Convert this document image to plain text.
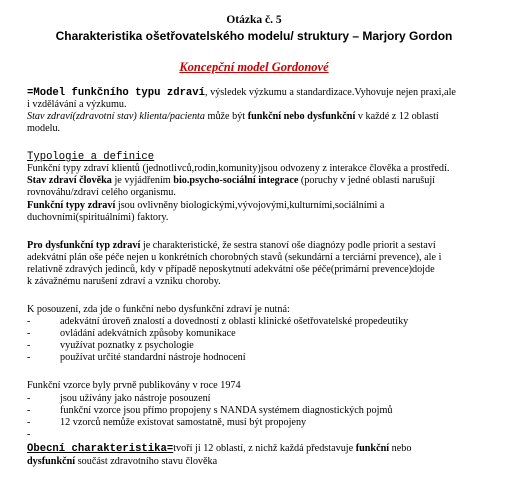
Otázka č. 5
Charakteristika ošetřovatelského modelu/ struktury – Marjory Gordon
Koncepční model Gordonové
=Model funkčního typu zdraví, výsledek výzkumu a standardizace.Vyhovuje nejen praxi,ale
i vzdělávání a výzkumu.
Stav zdraví(zdravotní stav) klienta/pacienta může být funkční nebo dysfunkční v každé z 12 oblastí
modelu.
Typologie a definice
Funkční typy zdraví klientů (jednotlivců,rodin,komunity)jsou odvozeny z interakce člověka a prostředí.
Stav zdraví člověka je vyjádřením bio.psycho-sociální integrace (poruchy v jedné oblasti narušují
rovnováhu/zdraví celého organismu.
Funkční typy zdraví jsou ovlivněny biologickými,vývojovými,kulturními,sociálními a
duchovními(spirituálními) faktory.
Pro dysfunkční typ zdraví je charakteristické, že sestra stanoví oše diagnózy podle priorit a sestaví
adekvátní plán oše péče nejen u konkrétních chorobných stavů (sekundární a terciární prevence), ale i
relativně zdravých jedinců, kdy v případě neposkytnutí adekvátní oše péče(primární prevence)dojde
k závažnému narušení zdraví a vzniku choroby.
K posouzení, zda jde o funkční nebo dysfunkční zdraví je nutná:
-	adekvátní úroveň znalostí a dovedností z oblasti klinické ošetřovatelské propedeutiky
-	ovládání adekvátních způsoby komunikace
-	využívat poznatky z psychologie
-	používat určité standardní nástroje hodnocení
Funkční vzorce byly prvně publikovány v roce 1974
-	jsou užívány jako nástroje posouzení
-	funkční vzorce jsou přímo propojeny s NANDA systémem diagnostických pojmů
-	12 vzorců nemůže existovat samostatně, musí být propojeny
-
Obecní charakteristika=tvoří ji 12 oblastí, z nichž každá představuje funkční nebo
dysfunkční součást zdravotního stavu člověka
